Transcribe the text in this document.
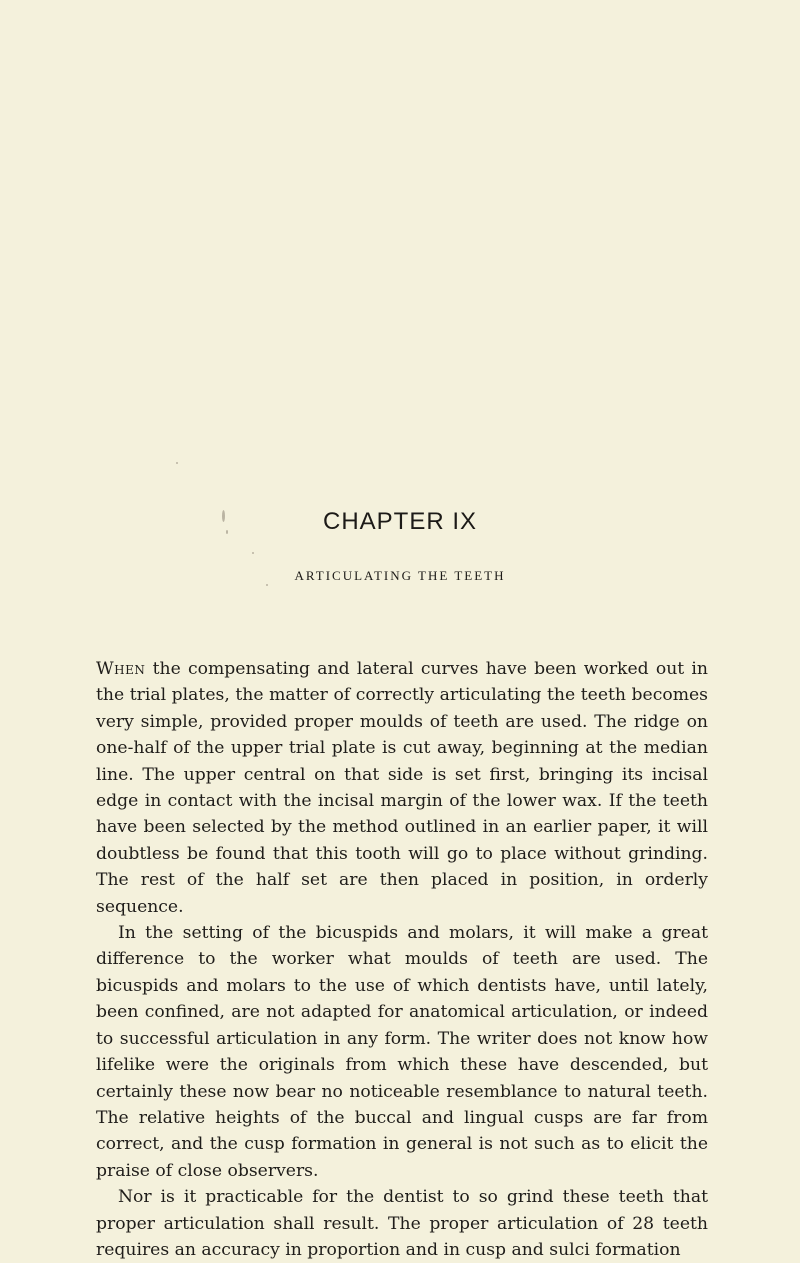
CHAPTER IX
ARTICULATING THE TEETH

When the compensating and lateral curves have been worked out in the trial plates, the matter of correctly articulating the teeth becomes very simple, provided proper moulds of teeth are used. The ridge on one-half of the upper trial plate is cut away, beginning at the median line. The upper central on that side is set first, bringing its incisal edge in contact with the incisal margin of the lower wax. If the teeth have been selected by the method outlined in an earlier paper, it will doubtless be found that this tooth will go to place without grinding. The rest of the half set are then placed in position, in orderly sequence.

In the setting of the bicuspids and molars, it will make a great difference to the worker what moulds of teeth are used. The bicuspids and molars to the use of which dentists have, until lately, been confined, are not adapted for anatomical articulation, or indeed to successful articulation in any form. The writer does not know how lifelike were the originals from which these have descended, but certainly these now bear no noticeable resemblance to natural teeth. The relative heights of the buccal and lingual cusps are far from correct, and the cusp formation in general is not such as to elicit the praise of close observers.

Nor is it practicable for the dentist to so grind these teeth that proper articulation shall result. The proper articulation of 28 teeth requires an accuracy in proportion and in cusp and sulci formation
